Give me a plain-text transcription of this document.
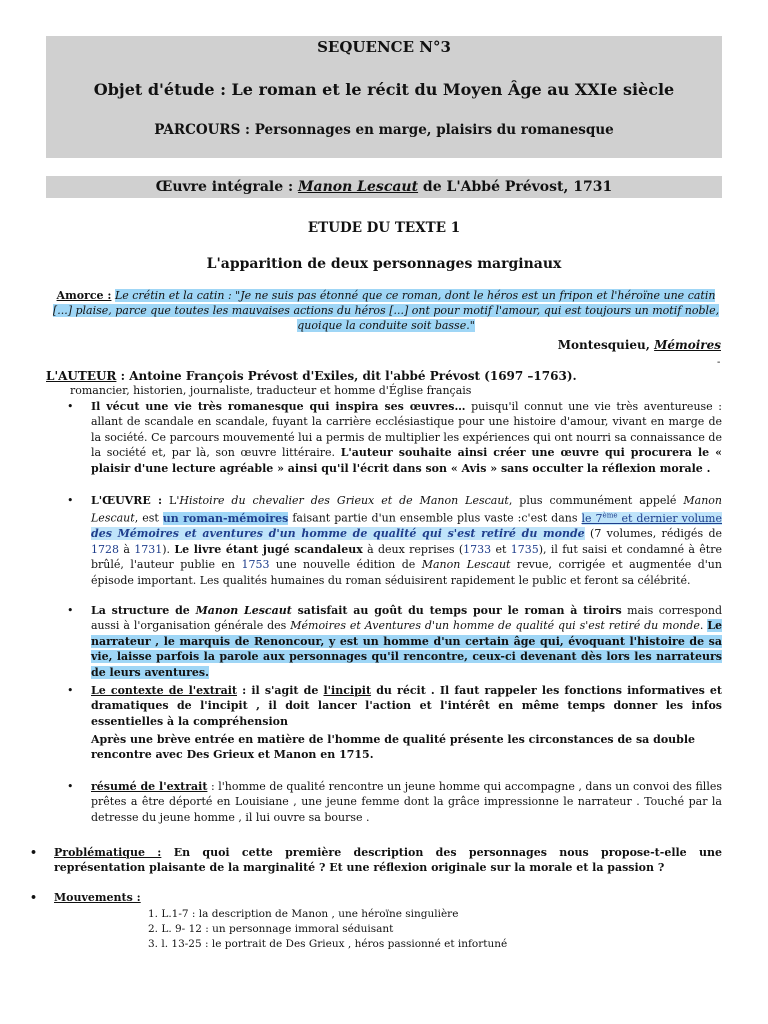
SEQUENCE N°3
Objet d'étude : Le roman et le récit du Moyen Âge au XXIe siècle
PARCOURS : Personnages en marge, plaisirs du romanesque
Œuvre intégrale : Manon Lescaut de L'Abbé Prévost, 1731
ETUDE DU TEXTE 1
L'apparition de deux personnages marginaux
Amorce : Le crétin et la catin : "Je ne suis pas étonné que ce roman, dont le héros est un fripon et l'héroïne une catin [...] plaise, parce que toutes les mauvaises actions du héros [...] ont pour motif l'amour, qui est toujours un motif noble, quoique la conduite soit basse."
Montesquieu, Mémoires
-
L'AUTEUR : Antoine François Prévost d'Exiles, dit l'abbé Prévost (1697 –1763).
romancier, historien, journaliste, traducteur et homme d'Église français
• Il vécut une vie très romanesque qui inspira ses œuvres… puisqu'il connut une vie très aventureuse : allant de scandale en scandale, fuyant la carrière ecclésiastique pour une histoire d'amour, vivant en marge de la société. Ce parcours mouvementé lui a permis de multiplier les expériences qui ont nourri sa connaissance de la société et, par là, son œuvre littéraire. L'auteur souhaite ainsi créer une œuvre qui procurera le « plaisir d'une lecture agréable » ainsi qu'il l'écrit dans son « Avis » sans occulter la réflexion morale .
• L'ŒUVRE : L'Histoire du chevalier des Grieux et de Manon Lescaut, plus communément appelé Manon Lescaut, est un roman-mémoires faisant partie d'un ensemble plus vaste :c'est dans le 7ème et dernier volume des Mémoires et aventures d'un homme de qualité qui s'est retiré du monde (7 volumes, rédigés de 1728 à 1731). Le livre étant jugé scandaleux à deux reprises (1733 et 1735), il fut saisi et condamné à être brûlé, l'auteur publie en 1753 une nouvelle édition de Manon Lescaut revue, corrigée et augmentée d'un épisode important. Les qualités humaines du roman séduisirent rapidement le public et feront sa célébrité.
• La structure de Manon Lescaut satisfait au goût du temps pour le roman à tiroirs mais correspond aussi à l'organisation générale des Mémoires et Aventures d'un homme de qualité qui s'est retiré du monde. Le narrateur , le marquis de Renoncour, y est un homme d'un certain âge qui, évoquant l'histoire de sa vie, laisse parfois la parole aux personnages qu'il rencontre, ceux-ci devenant dès lors les narrateurs de leurs aventures.
• Le contexte de l'extrait : il s'agit de l'incipit du récit . Il faut rappeler les fonctions informatives et dramatiques de l'incipit , il doit lancer l'action et l'intérêt en même temps donner les infos essentielles à la compréhension
Après une brève entrée en matière de l'homme de qualité présente les circonstances de sa double rencontre avec Des Grieux et Manon en 1715.
• résumé de l'extrait : l'homme de qualité rencontre un jeune homme qui accompagne , dans un convoi des filles prêtes a être déporté en Louisiane , une jeune femme dont la grâce impressionne le narrateur . Touché par la detresse du jeune homme , il lui ouvre sa bourse .
• Problématique : En quoi cette première description des personnages nous propose-t-elle une représentation plaisante de la marginalité ? Et une réflexion originale sur la morale et la passion ?
• Mouvements :
1. L.1-7 : la description de Manon , une héroïne singulière
2. L. 9- 12 : un personnage immoral séduisant
3. l. 13-25 : le portrait de Des Grieux , héros passionné et infortuné
